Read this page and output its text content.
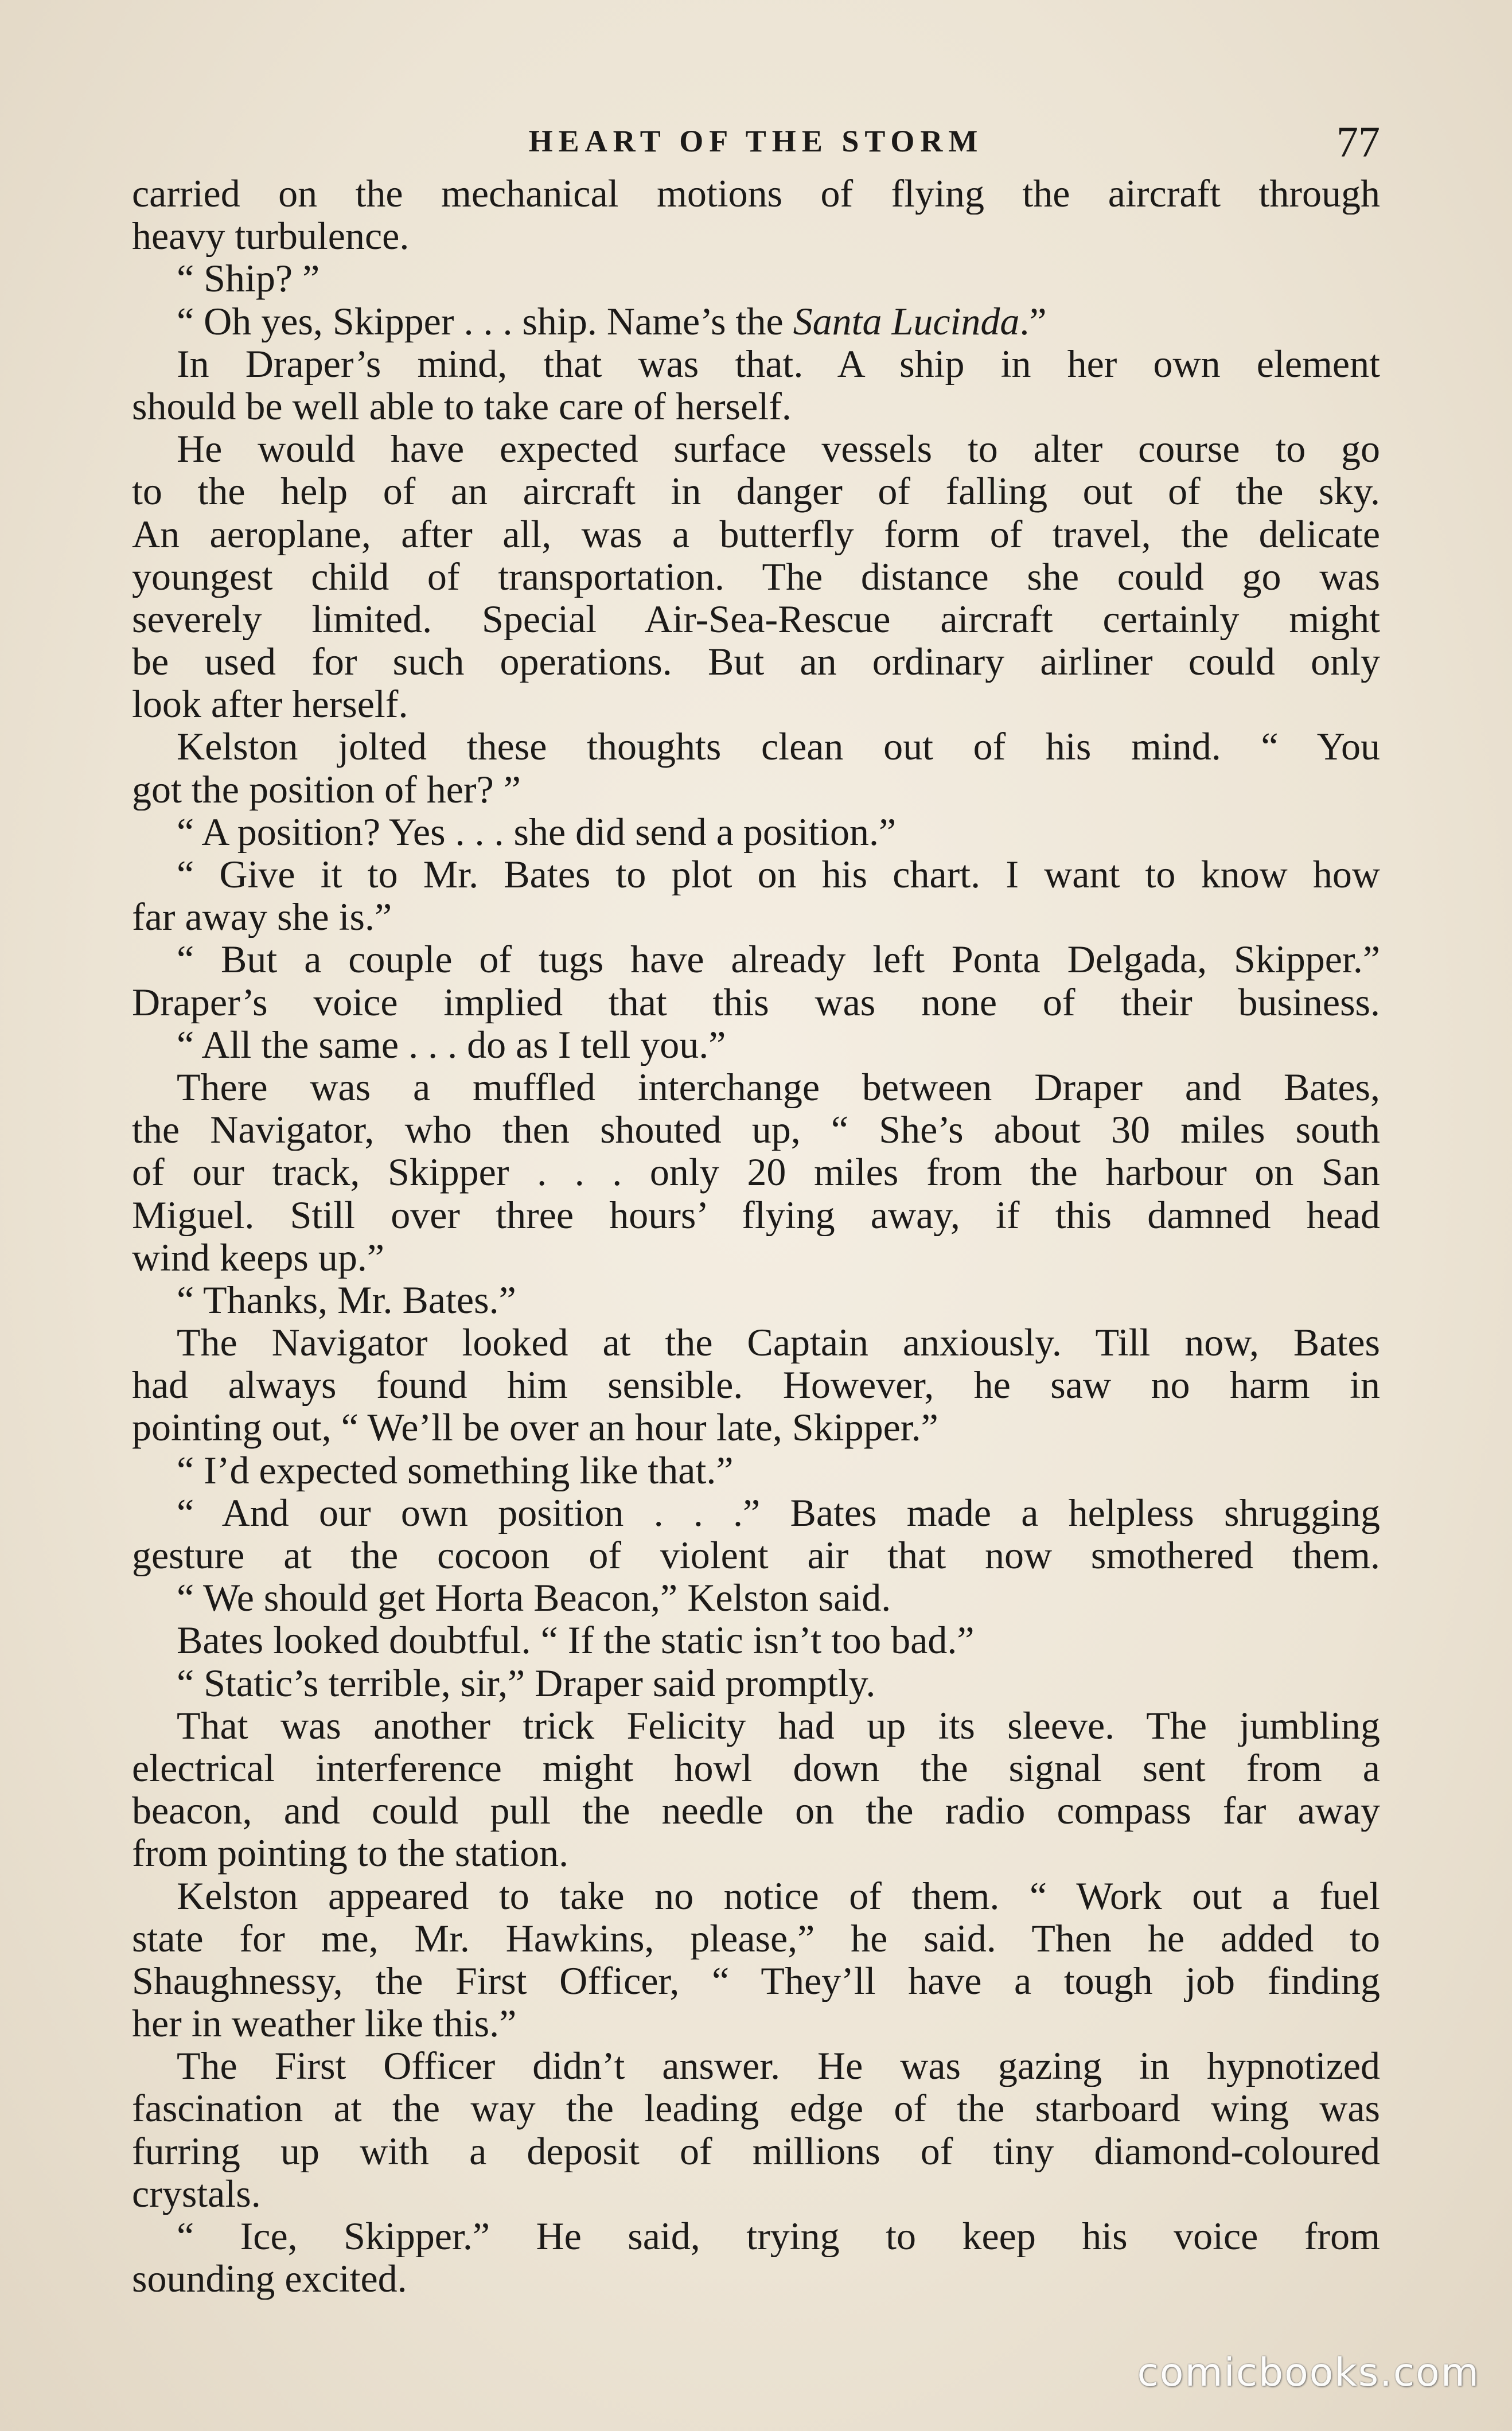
HEART OF THE STORM	77
carried on the mechanical motions of flying the aircraft through
heavy turbulence.
“ Ship? ”
“ Oh yes, Skipper . . . ship. Name’s the Santa Lucinda.”
In Draper’s mind, that was that. A ship in her own element
should be well able to take care of herself.
He would have expected surface vessels to alter course to go
to the help of an aircraft in danger of falling out of the sky.
An aeroplane, after all, was a butterfly form of travel, the delicate
youngest child of transportation. The distance she could go was
severely limited. Special Air-Sea-Rescue aircraft certainly might
be used for such operations. But an ordinary airliner could only
look after herself.
Kelston jolted these thoughts clean out of his mind. “ You
got the position of her? ”
“ A position? Yes . . . she did send a position.”
“ Give it to Mr. Bates to plot on his chart. I want to know how
far away she is.”
“ But a couple of tugs have already left Ponta Delgada, Skipper.”
Draper’s voice implied that this was none of their business.
“ All the same . . . do as I tell you.”
There was a muffled interchange between Draper and Bates,
the Navigator, who then shouted up, “ She’s about 30 miles south
of our track, Skipper . . . only 20 miles from the harbour on San
Miguel. Still over three hours’ flying away, if this damned head
wind keeps up.”
“ Thanks, Mr. Bates.”
The Navigator looked at the Captain anxiously. Till now, Bates
had always found him sensible. However, he saw no harm in
pointing out, “ We’ll be over an hour late, Skipper.”
“ I’d expected something like that.”
“ And our own position . . .” Bates made a helpless shrugging
gesture at the cocoon of violent air that now smothered them.
“ We should get Horta Beacon,” Kelston said.
Bates looked doubtful. “ If the static isn’t too bad.”
“ Static’s terrible, sir,” Draper said promptly.
That was another trick Felicity had up its sleeve. The jumbling
electrical interference might howl down the signal sent from a
beacon, and could pull the needle on the radio compass far away
from pointing to the station.
Kelston appeared to take no notice of them. “ Work out a fuel
state for me, Mr. Hawkins, please,” he said. Then he added to
Shaughnessy, the First Officer, “ They’ll have a tough job finding
her in weather like this.”
The First Officer didn’t answer. He was gazing in hypnotized
fascination at the way the leading edge of the starboard wing was
furring up with a deposit of millions of tiny diamond-coloured
crystals.
“ Ice, Skipper.” He said, trying to keep his voice from
sounding excited.
comicbooks.com
